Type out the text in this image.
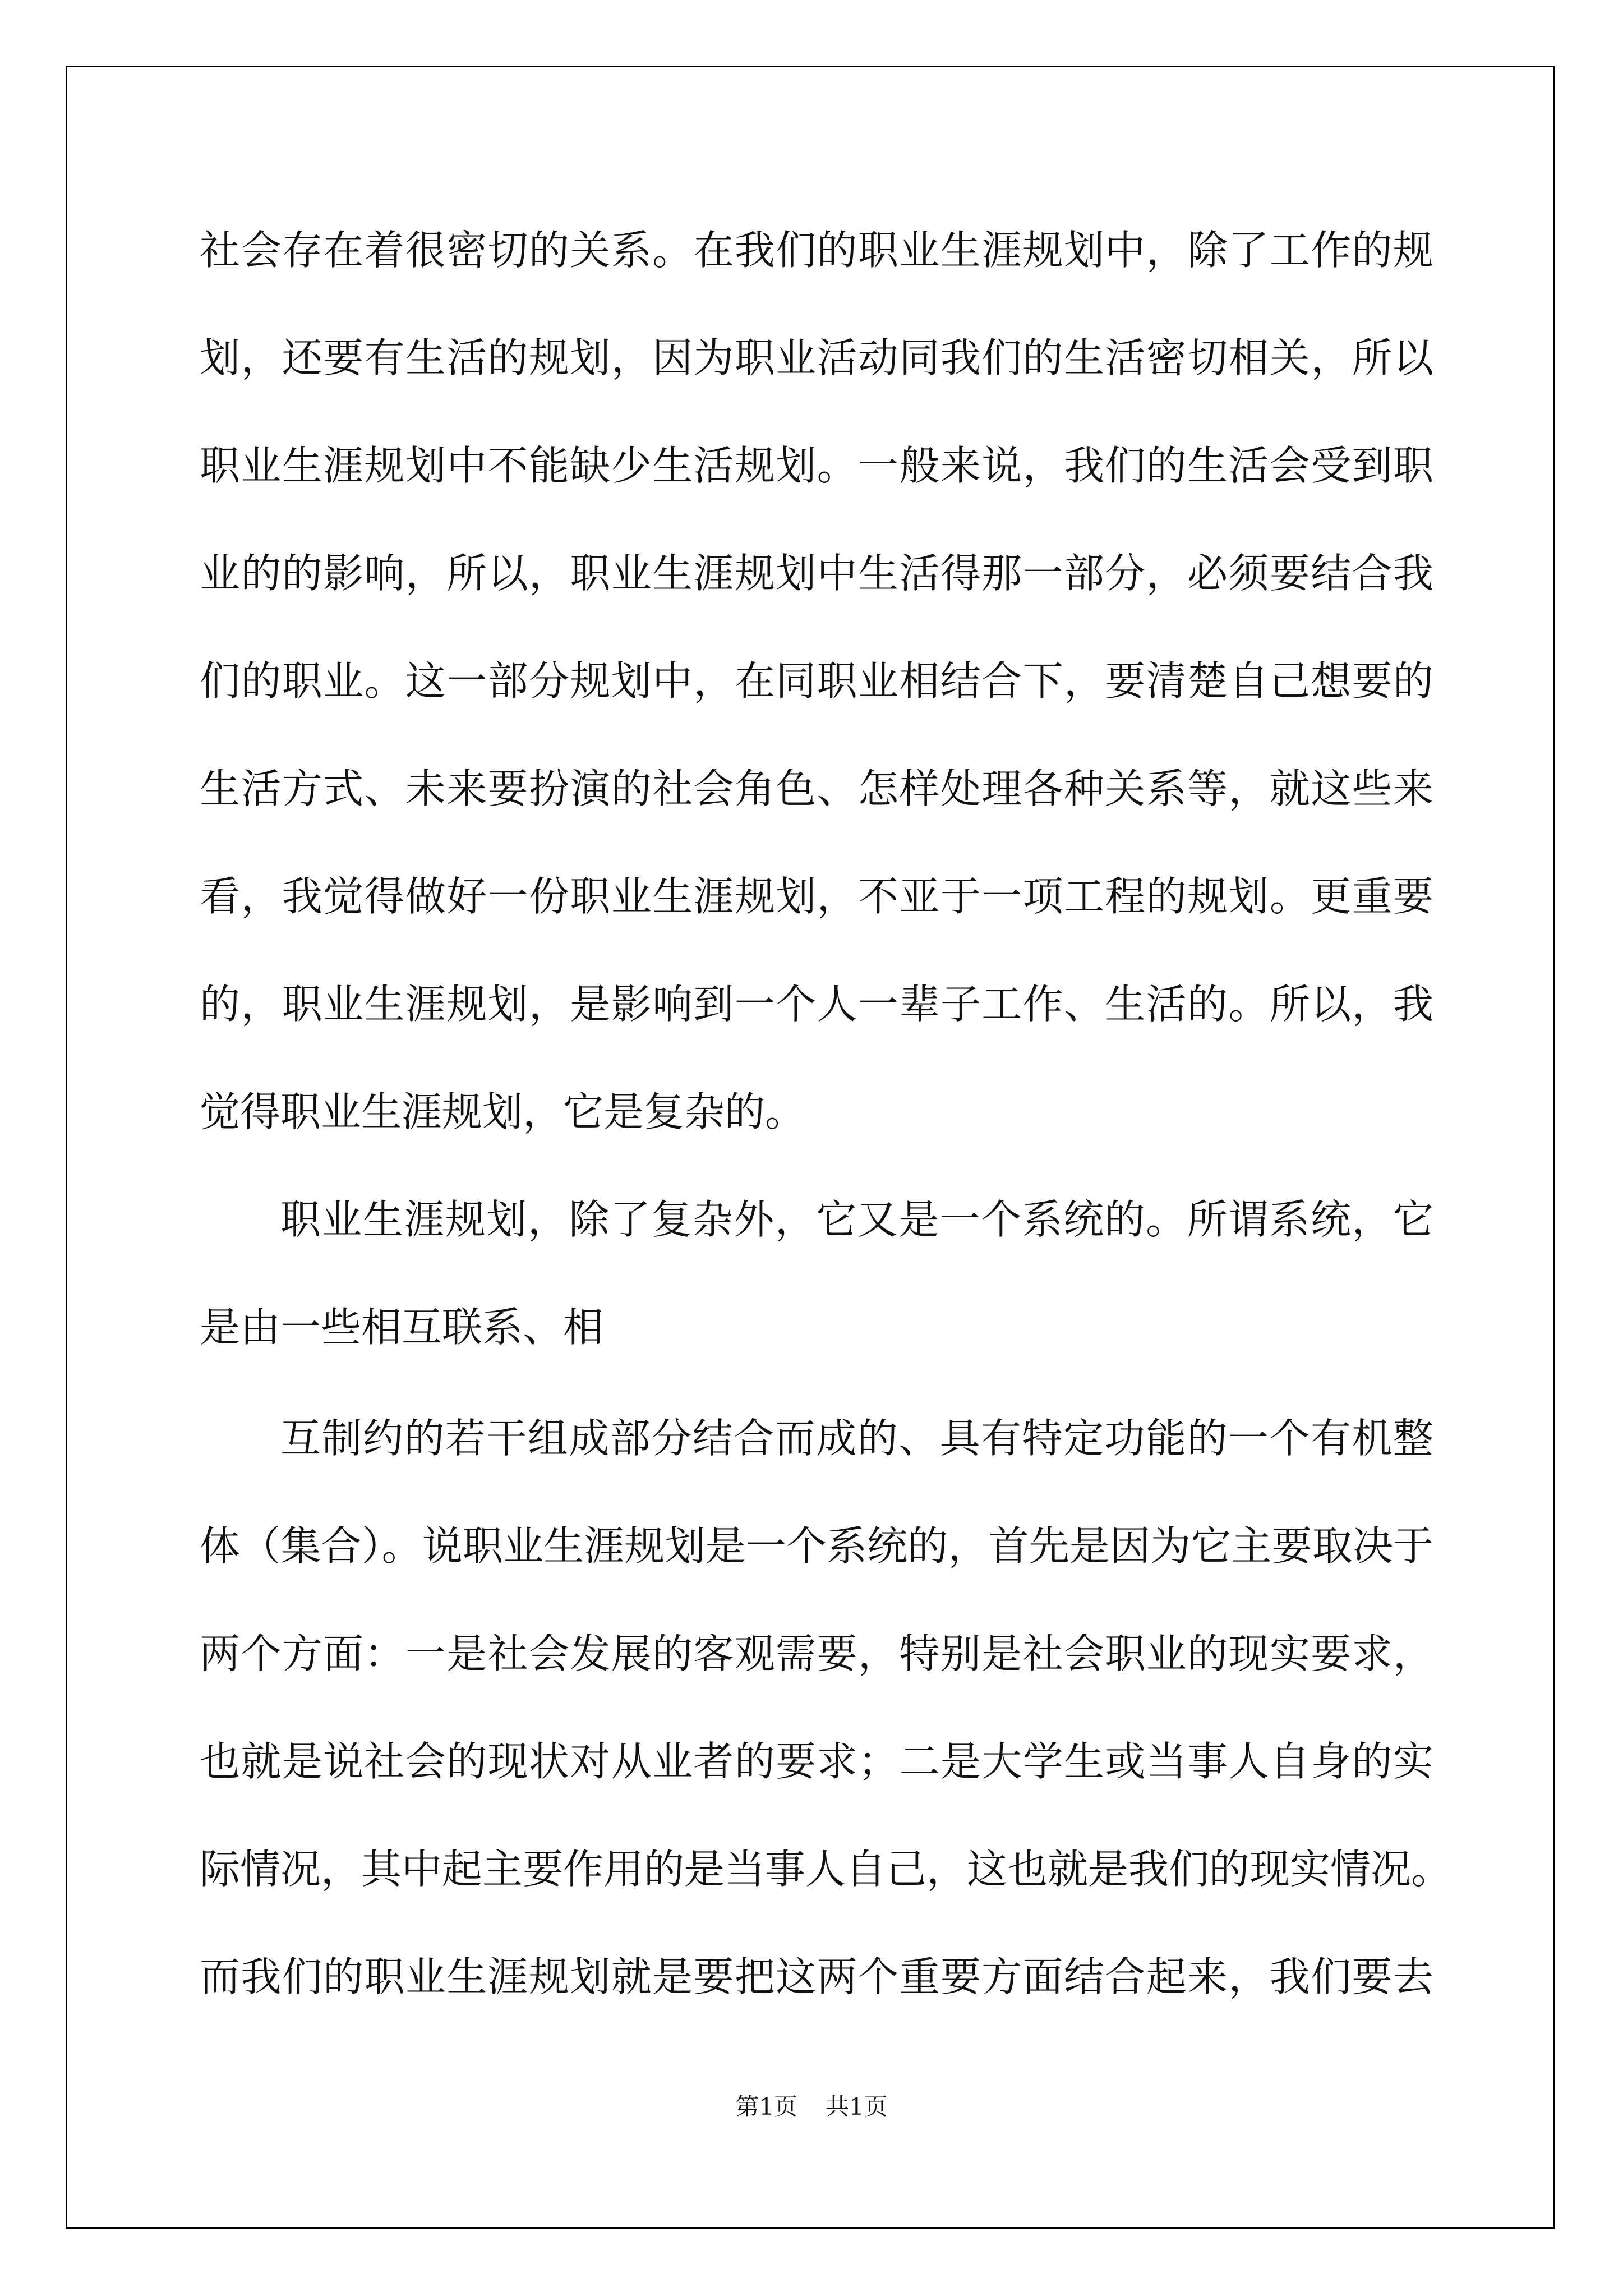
社会存在着很密切的关系。在我们的职业生涯规划中，除了工作的规
划，还要有生活的规划，因为职业活动同我们的生活密切相关，所以
职业生涯规划中不能缺少生活规划。一般来说，我们的生活会受到职
业的的影响，所以，职业生涯规划中生活得那一部分，必须要结合我
们的职业。这一部分规划中，在同职业相结合下，要清楚自己想要的
生活方式、未来要扮演的社会角色、怎样处理各种关系等，就这些来
看，我觉得做好一份职业生涯规划，不亚于一项工程的规划。更重要
的，职业生涯规划，是影响到一个人一辈子工作、生活的。所以，我
觉得职业生涯规划，它是复杂的。
职业生涯规划，除了复杂外，它又是一个系统的。所谓系统，它
是由一些相互联系、相
互制约的若干组成部分结合而成的、具有特定功能的一个有机整
体（集合）。说职业生涯规划是一个系统的，首先是因为它主要取决于
两个方面：一是社会发展的客观需要，特别是社会职业的现实要求，
也就是说社会的现状对从业者的要求；二是大学生或当事人自身的实
际情况，其中起主要作用的是当事人自己，这也就是我们的现实情况。
而我们的职业生涯规划就是要把这两个重要方面结合起来，我们要去
第1页 共1页
